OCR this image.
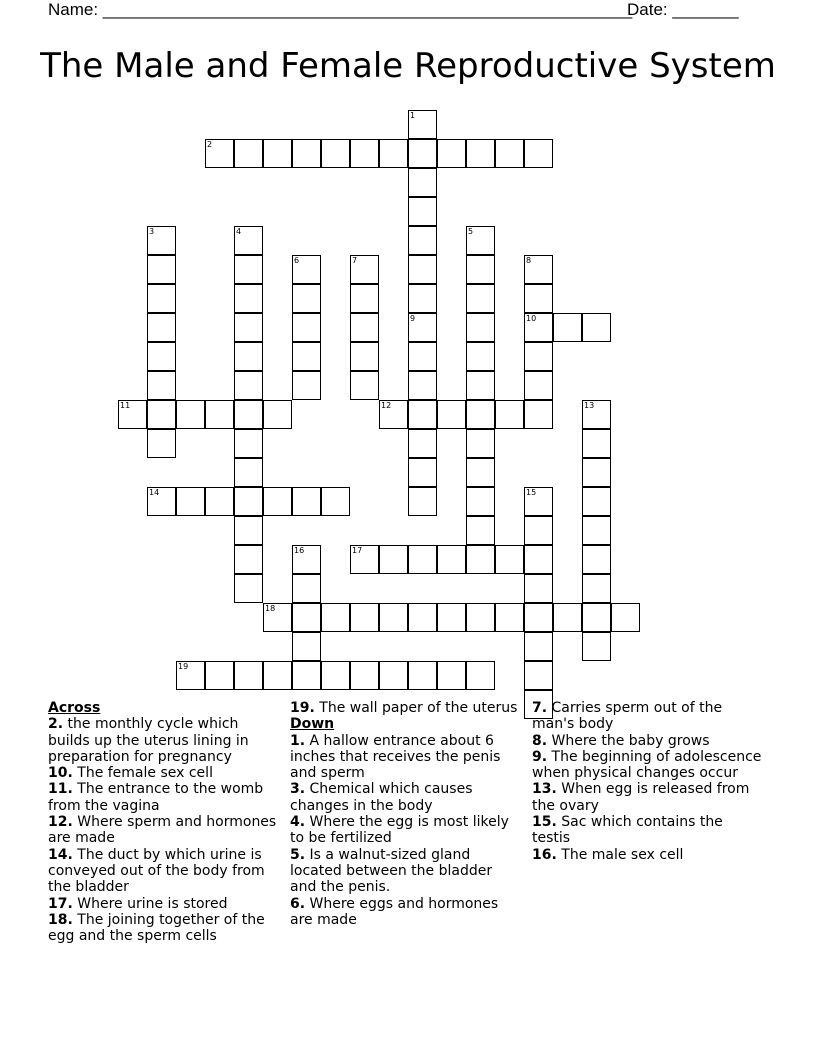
Name: ________________________________________________________
Date: _______
The Male and Female Reproductive System
2
10
11	12
14
17
18
19
1
3	4	5
6	7	8
9
13
15
16
Across
2. the monthly cycle which builds up the uterus lining in preparation for pregnancy
10. The female sex cell
11. The entrance to the womb from the vagina
12. Where sperm and hormones are made
14. The duct by which urine is conveyed out of the body from the bladder
17. Where urine is stored
18. The joining together of the egg and the sperm cells
19. The wall paper of the uterus
Down
1. A hallow entrance about 6 inches that receives the penis and sperm
3. Chemical which causes changes in the body
4. Where the egg is most likely to be fertilized
5. Is a walnut-sized gland located between the bladder and the penis.
6. Where eggs and hormones are made
7. Carries sperm out of the man's body
8. Where the baby grows
9. The beginning of adolescence when physical changes occur
13. When egg is released from the ovary
15. Sac which contains the testis
16. The male sex cell
